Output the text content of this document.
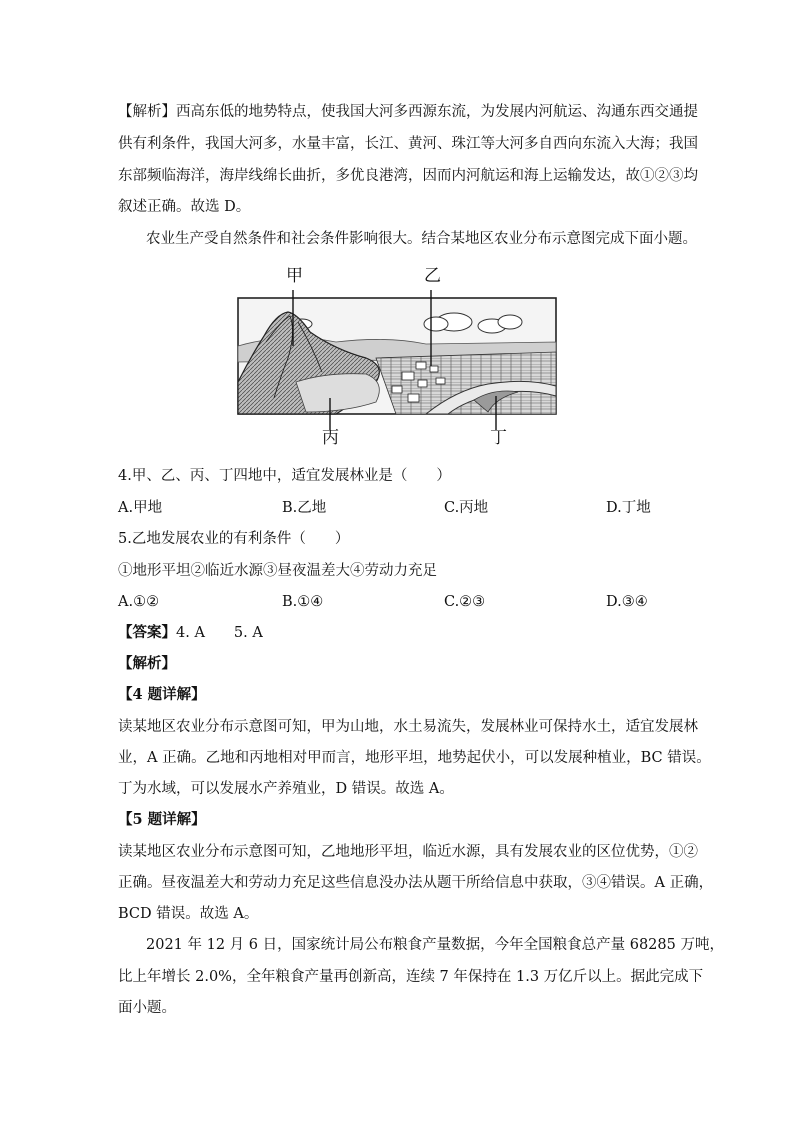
【解析】西高东低的地势特点，使我国大河多西源东流，为发展内河航运、沟通东西交通提
供有利条件，我国大河多，水量丰富，长江、黄河、珠江等大河多自西向东流入大海；我国
东部频临海洋，海岸线绵长曲折，多优良港湾，因而内河航运和海上运输发达，故①②③均
叙述正确。故选 D。
农业生产受自然条件和社会条件影响很大。结合某地区农业分布示意图完成下面小题。
甲	乙
丙	丁
4.甲、乙、丙、丁四地中，适宜发展林业是（　　）
A.甲地	B.乙地	C.丙地	D.丁地
5.乙地发展农业的有利条件（　　）
①地形平坦②临近水源③昼夜温差大④劳动力充足
A.①②	B.①④	C.②③	D.③④
【答案】4. A　　5. A
【解析】
【4 题详解】
读某地区农业分布示意图可知，甲为山地，水土易流失，发展林业可保持水土，适宜发展林
业，A 正确。乙地和丙地相对甲而言，地形平坦，地势起伏小，可以发展种植业，BC 错误。
丁为水域，可以发展水产养殖业，D 错误。故选 A。
【5 题详解】
读某地区农业分布示意图可知，乙地地形平坦，临近水源，具有发展农业的区位优势，①②
正确。昼夜温差大和劳动力充足这些信息没办法从题干所给信息中获取，③④错误。A 正确，
BCD 错误。故选 A。
2021 年 12 月 6 日，国家统计局公布粮食产量数据，今年全国粮食总产量 68285 万吨，
比上年增长 2.0%，全年粮食产量再创新高，连续 7 年保持在 1.3 万亿斤以上。据此完成下
面小题。
